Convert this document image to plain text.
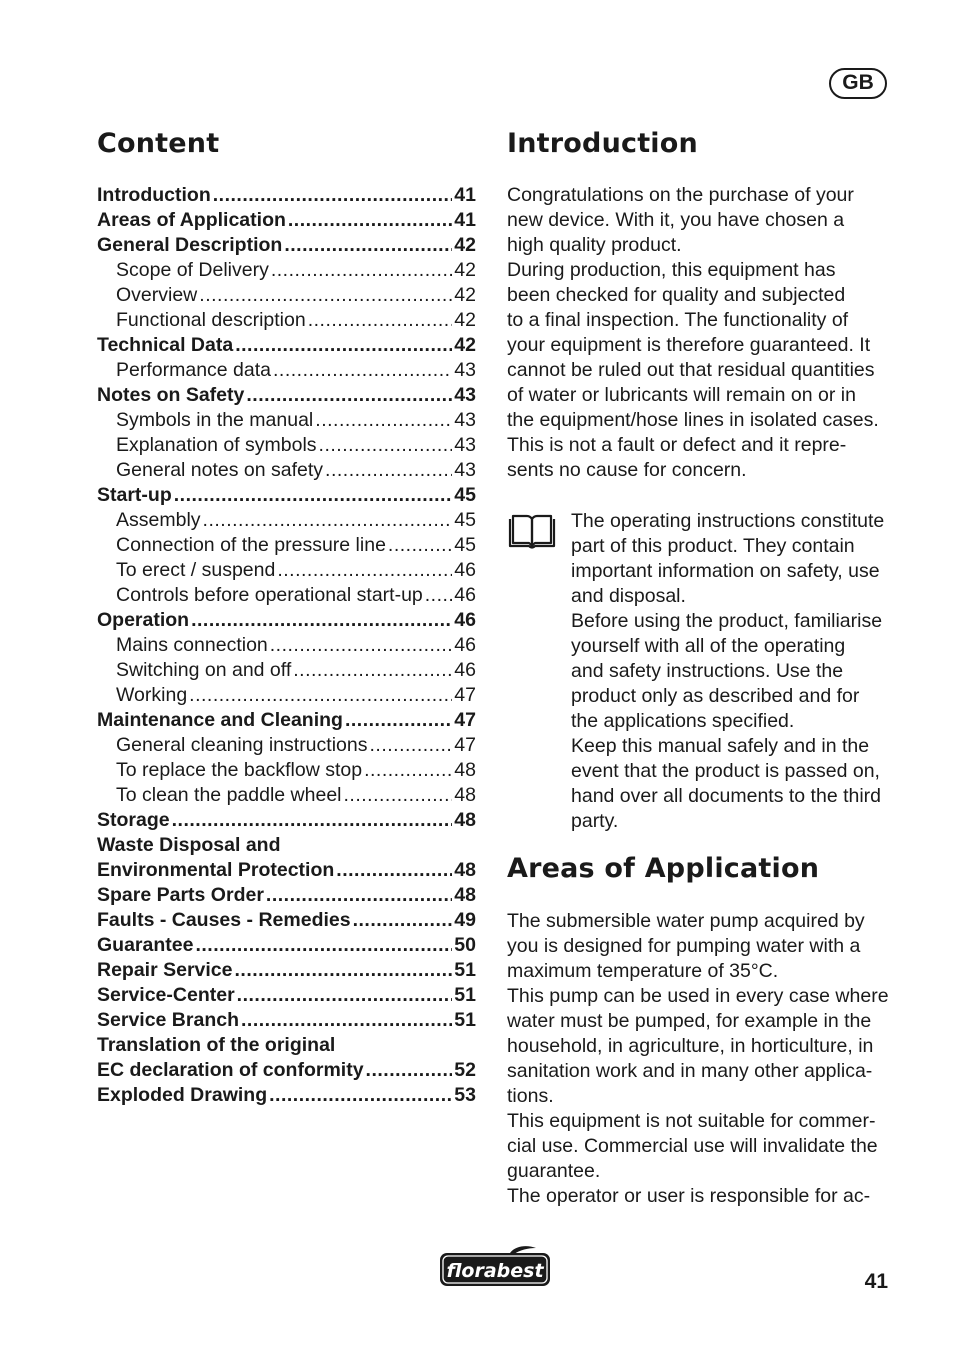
GB
Content
Introduction .....	41
Areas of Application .....	41
General Description .....	42
Scope of Delivery .....	42
Overview .....	42
Functional description .....	42
Technical Data .....	42
Performance data .....	43
Notes on Safety .....	43
Symbols in the manual .....	43
Explanation of symbols .....	43
General notes on safety .....	43
Start-up .....	45
Assembly .....	45
Connection of the pressure line .....	45
To erect / suspend .....	46
Controls before operational start-up ..... 46
Operation .....	46
Mains connection .....	46
Switching on and off .....	46
Working .....	47
Maintenance and Cleaning .....	47
General cleaning instructions .....	47
To replace the backflow stop .....	48
To clean the paddle wheel .....	48
Storage .....	48
Waste Disposal and
Environmental Protection .....	48
Spare Parts Order .....	48
Faults - Causes - Remedies .....	49
Guarantee .....	50
Repair Service .....	51
Service-Center .....	51
Service Branch .....	51
Translation of the original
EC declaration of conformity .....	52
Exploded Drawing .....	53
Introduction

Congratulations on the purchase of your
new device. With it, you have chosen a
high quality product.
During production, this equipment has
been checked for quality and subjected
to a final inspection. The functionality of
your equipment is therefore guaranteed. It
cannot be ruled out that residual quantities
of water or lubricants will remain on or in
the equipment/hose lines in isolated cases.
This is not a fault or defect and it repre-
sents no cause for concern.

The operating instructions constitute
part of this product. They contain
important information on safety, use
and disposal.
Before using the product, familiarise
yourself with all of the operating
and safety instructions. Use the
product only as described and for
the applications specified.
Keep this manual safely and in the
event that the product is passed on,
hand over all documents to the third
party.

Areas of Application

The submersible water pump acquired by
you is designed for pumping water with a
maximum temperature of 35°C.
This pump can be used in every case where
water must be pumped, for example in the
household, in agriculture, in horticulture, in
sanitation work and in many other applica-
tions.
This equipment is not suitable for commer-
cial use. Commercial use will invalidate the
guarantee.
The operator or user is responsible for ac-

florabest	41
